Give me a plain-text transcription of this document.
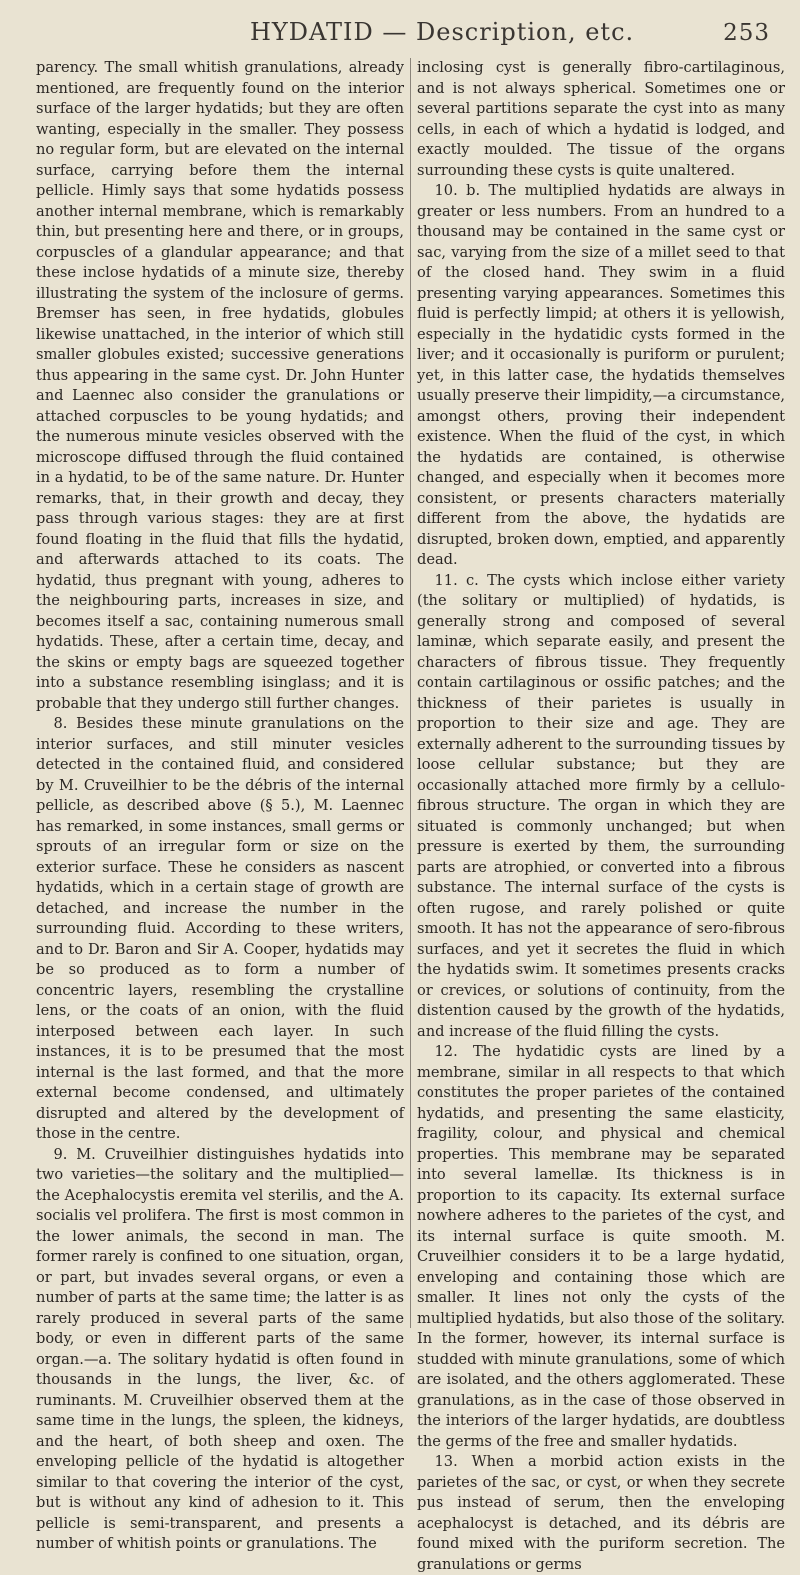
HYDATID — Description, etc.	253

parency. The small whitish granulations, already mentioned, are frequently found on the interior surface of the larger hydatids; but they are often wanting, especially in the smaller. They possess no regular form, but are elevated on the internal surface, carrying before them the internal pellicle. Himly says that some hydatids possess another internal membrane, which is remarkably thin, but presenting here and there, or in groups, corpuscles of a glandular appearance; and that these inclose hydatids of a minute size, thereby illustrating the system of the inclosure of germs. Bremser has seen, in free hydatids, globules likewise unattached, in the interior of which still smaller globules existed; successive generations thus appearing in the same cyst. Dr. John Hunter and Laennec also consider the granulations or attached corpuscles to be young hydatids; and the numerous minute vesicles observed with the microscope diffused through the fluid contained in a hydatid, to be of the same nature. Dr. Hunter remarks, that, in their growth and decay, they pass through various stages: they are at first found floating in the fluid that fills the hydatid, and afterwards attached to its coats. The hydatid, thus pregnant with young, adheres to the neighbouring parts, increases in size, and becomes itself a sac, containing numerous small hydatids. These, after a certain time, decay, and the skins or empty bags are squeezed together into a substance resembling isinglass; and it is probable that they undergo still further changes.

8. Besides these minute granulations on the interior surfaces, and still minuter vesicles detected in the contained fluid, and considered by M. Cruveilhier to be the débris of the internal pellicle, as described above (§ 5.), M. Laennec has remarked, in some instances, small germs or sprouts of an irregular form or size on the exterior surface. These he considers as nascent hydatids, which in a certain stage of growth are detached, and increase the number in the surrounding fluid. According to these writers, and to Dr. Baron and Sir A. Cooper, hydatids may be so produced as to form a number of concentric layers, resembling the crystalline lens, or the coats of an onion, with the fluid interposed between each layer. In such instances, it is to be presumed that the most internal is the last formed, and that the more external become condensed, and ultimately disrupted and altered by the development of those in the centre.

9. M. Cruveilhier distinguishes hydatids into two varieties—the solitary and the multiplied—the Acephalocystis eremita vel sterilis, and the A. socialis vel prolifera. The first is most common in the lower animals, the second in man. The former rarely is confined to one situation, organ, or part, but invades several organs, or even a number of parts at the same time; the latter is as rarely produced in several parts of the same body, or even in different parts of the same organ.—a. The solitary hydatid is often found in thousands in the lungs, the liver, &c. of ruminants. M. Cruveilhier observed them at the same time in the lungs, the spleen, the kidneys, and the heart, of both sheep and oxen. The enveloping pellicle of the hydatid is altogether similar to that covering the interior of the cyst, but is without any kind of adhesion to it. This pellicle is semi-transparent, and presents a number of whitish points or granulations. The

inclosing cyst is generally fibro-cartilaginous, and is not always spherical. Sometimes one or several partitions separate the cyst into as many cells, in each of which a hydatid is lodged, and exactly moulded. The tissue of the organs surrounding these cysts is quite unaltered.

10. b. The multiplied hydatids are always in greater or less numbers. From an hundred to a thousand may be contained in the same cyst or sac, varying from the size of a millet seed to that of the closed hand. They swim in a fluid presenting varying appearances. Sometimes this fluid is perfectly limpid; at others it is yellowish, especially in the hydatidic cysts formed in the liver; and it occasionally is puriform or purulent; yet, in this latter case, the hydatids themselves usually preserve their limpidity,—a circumstance, amongst others, proving their independent existence. When the fluid of the cyst, in which the hydatids are contained, is otherwise changed, and especially when it becomes more consistent, or presents characters materially different from the above, the hydatids are disrupted, broken down, emptied, and apparently dead.

11. c. The cysts which inclose either variety (the solitary or multiplied) of hydatids, is generally strong and composed of several laminæ, which separate easily, and present the characters of fibrous tissue. They frequently contain cartilaginous or ossific patches; and the thickness of their parietes is usually in proportion to their size and age. They are externally adherent to the surrounding tissues by loose cellular substance; but they are occasionally attached more firmly by a cellulo-fibrous structure. The organ in which they are situated is commonly unchanged; but when pressure is exerted by them, the surrounding parts are atrophied, or converted into a fibrous substance. The internal surface of the cysts is often rugose, and rarely polished or quite smooth. It has not the appearance of sero-fibrous surfaces, and yet it secretes the fluid in which the hydatids swim. It sometimes presents cracks or crevices, or solutions of continuity, from the distention caused by the growth of the hydatids, and increase of the fluid filling the cysts.

12. The hydatidic cysts are lined by a membrane, similar in all respects to that which constitutes the proper parietes of the contained hydatids, and presenting the same elasticity, fragility, colour, and physical and chemical properties. This membrane may be separated into several lamellæ. Its thickness is in proportion to its capacity. Its external surface nowhere adheres to the parietes of the cyst, and its internal surface is quite smooth. M. Cruveilhier considers it to be a large hydatid, enveloping and containing those which are smaller. It lines not only the cysts of the multiplied hydatids, but also those of the solitary. In the former, however, its internal surface is studded with minute granulations, some of which are isolated, and the others agglomerated. These granulations, as in the case of those observed in the interiors of the larger hydatids, are doubtless the germs of the free and smaller hydatids.

13. When a morbid action exists in the parietes of the sac, or cyst, or when they secrete pus instead of serum, then the enveloping acephalocyst is detached, and its débris are found mixed with the puriform secretion. The granulations or germs
